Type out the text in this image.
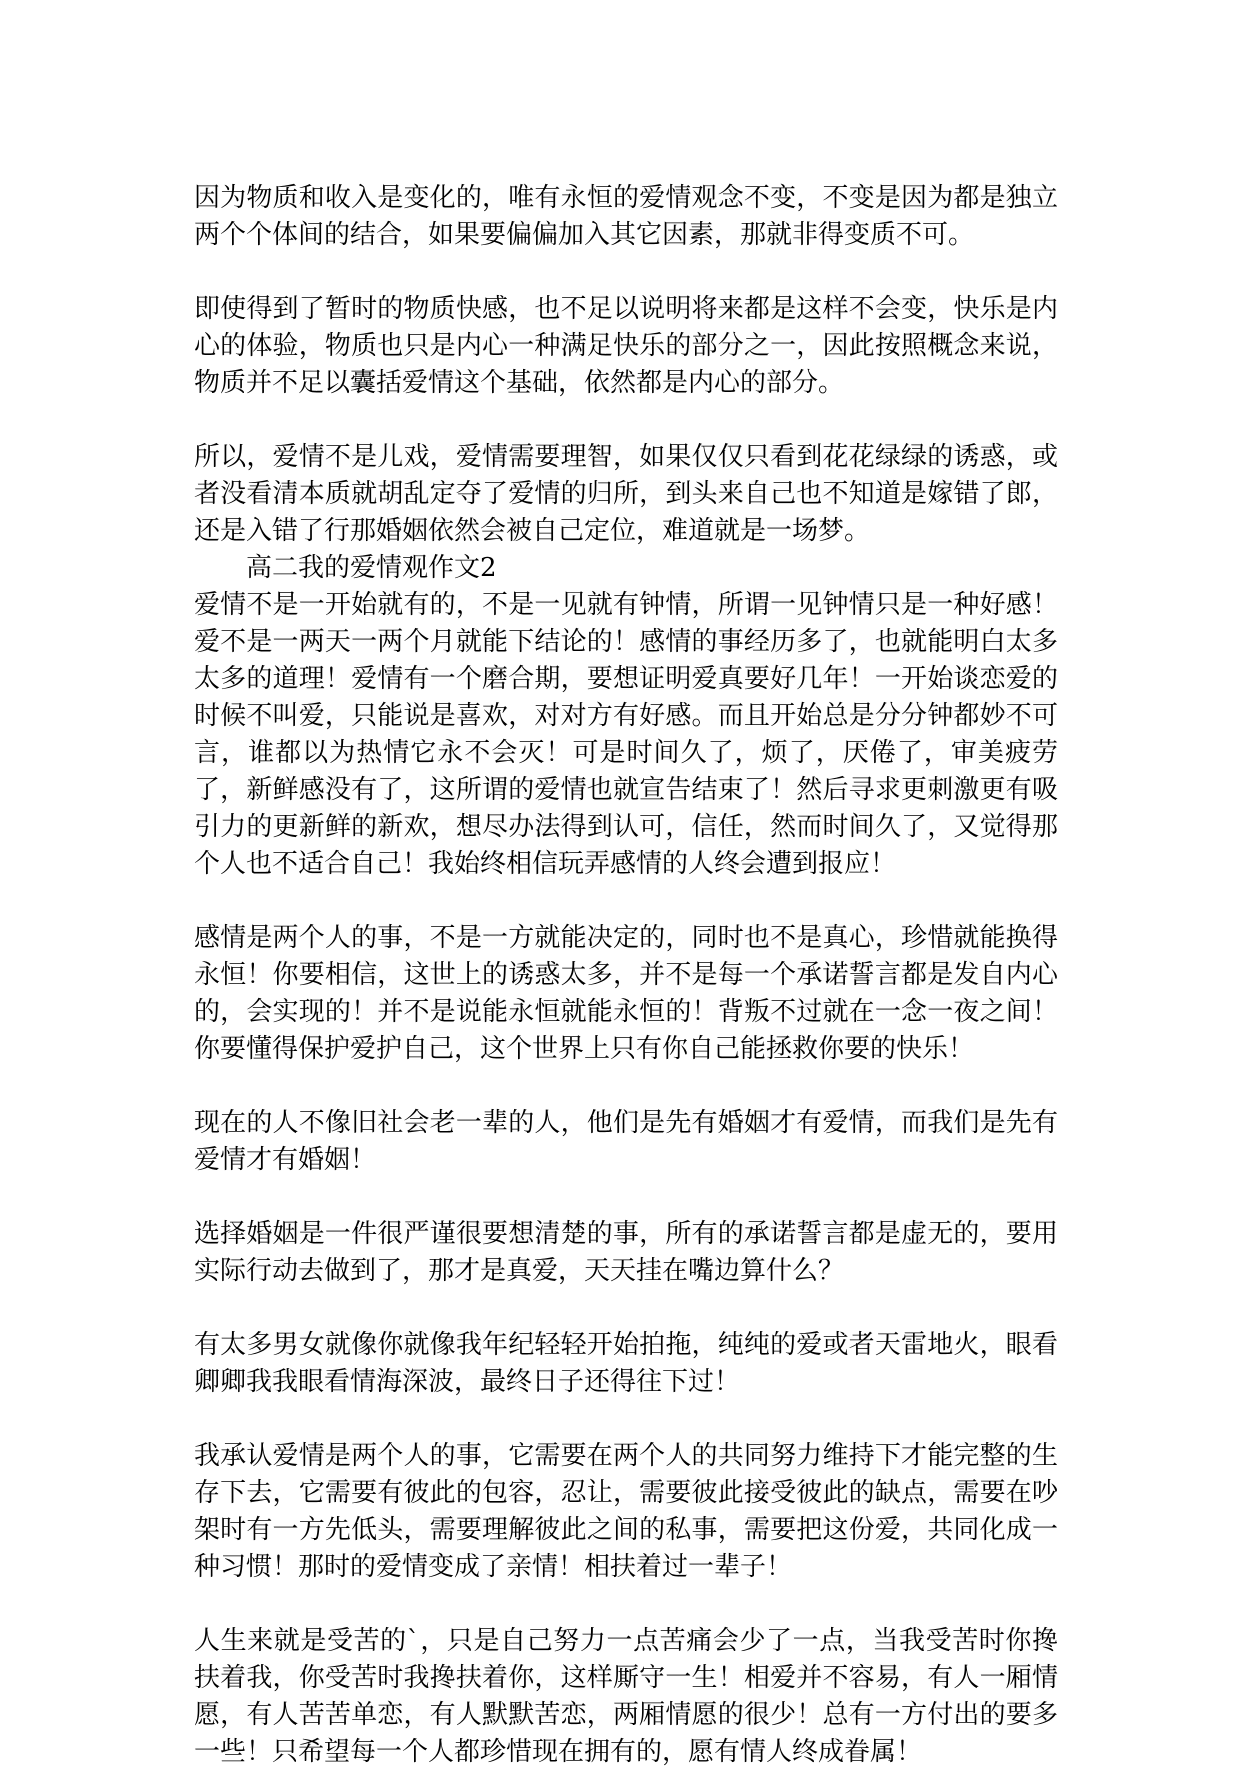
因为物质和收入是变化的，唯有永恒的爱情观念不变，不变是因为都是独立两个个体间的结合，如果要偏偏加入其它因素，那就非得变质不可。

即使得到了暂时的物质快感，也不足以说明将来都是这样不会变，快乐是内心的体验，物质也只是内心一种满足快乐的部分之一，因此按照概念来说，物质并不足以囊括爱情这个基础，依然都是内心的部分。

所以，爱情不是儿戏，爱情需要理智，如果仅仅只看到花花绿绿的诱惑，或者没看清本质就胡乱定夺了爱情的归所，到头来自己也不知道是嫁错了郎，还是入错了行那婚姻依然会被自己定位，难道就是一场梦。

高二我的爱情观作文2

爱情不是一开始就有的，不是一见就有钟情，所谓一见钟情只是一种好感！爱不是一两天一两个月就能下结论的！感情的事经历多了，也就能明白太多太多的道理！爱情有一个磨合期，要想证明爱真要好几年！一开始谈恋爱的时候不叫爱，只能说是喜欢，对对方有好感。而且开始总是分分钟都妙不可言，谁都以为热情它永不会灭！可是时间久了，烦了，厌倦了，审美疲劳了，新鲜感没有了，这所谓的爱情也就宣告结束了！然后寻求更刺激更有吸引力的更新鲜的新欢，想尽办法得到认可，信任，然而时间久了，又觉得那个人也不适合自己！我始终相信玩弄感情的人终会遭到报应！

感情是两个人的事，不是一方就能决定的，同时也不是真心，珍惜就能换得永恒！你要相信，这世上的诱惑太多，并不是每一个承诺誓言都是发自内心的，会实现的！并不是说能永恒就能永恒的！背叛不过就在一念一夜之间！你要懂得保护爱护自己，这个世界上只有你自己能拯救你要的快乐！

现在的人不像旧社会老一辈的人，他们是先有婚姻才有爱情，而我们是先有爱情才有婚姻！

选择婚姻是一件很严谨很要想清楚的事，所有的承诺誓言都是虚无的，要用实际行动去做到了，那才是真爱，天天挂在嘴边算什么？

有太多男女就像你就像我年纪轻轻开始拍拖，纯纯的爱或者天雷地火，眼看卿卿我我眼看情海深波，最终日子还得往下过！

我承认爱情是两个人的事，它需要在两个人的共同努力维持下才能完整的生存下去，它需要有彼此的包容，忍让，需要彼此接受彼此的缺点，需要在吵架时有一方先低头，需要理解彼此之间的私事，需要把这份爱，共同化成一种习惯！那时的爱情变成了亲情！相扶着过一辈子！

人生来就是受苦的`，只是自己努力一点苦痛会少了一点，当我受苦时你搀扶着我，你受苦时我搀扶着你，这样厮守一生！相爱并不容易，有人一厢情愿，有人苦苦单恋，有人默默苦恋，两厢情愿的很少！总有一方付出的要多一些！只希望每一个人都珍惜现在拥有的，愿有情人终成眷属！
